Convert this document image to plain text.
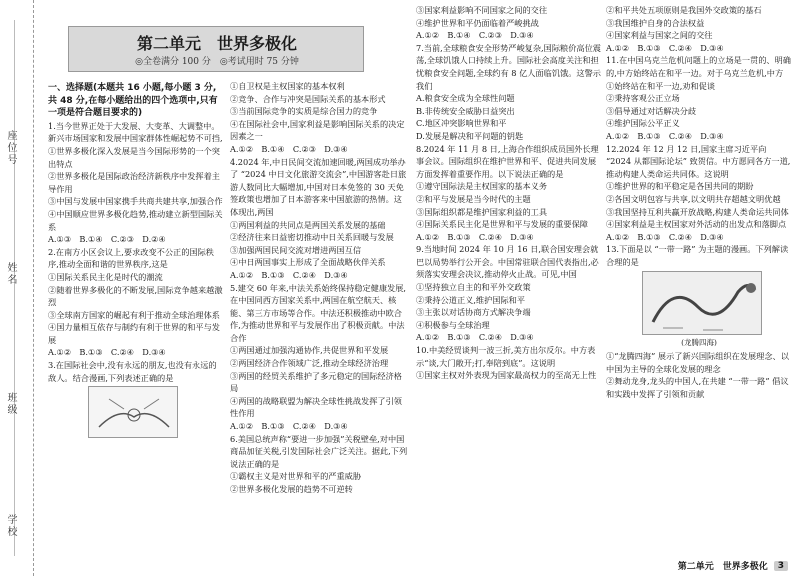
座位号
姓名
班级
学校
第二单元　世界多极化
◎全卷满分 100 分　◎考试用时 75 分钟

一、选择题(本题共 16 小题,每小题 3 分,共 48 分,在每小题给出的四个选项中,只有一项是符合题目要求的)

1.当今世界正处于大发展、大变革、大调整中。新兴市场国家和发展中国家群体性崛起势不可挡,

①世界多极化深入发展是当今国际形势的一个突出特点

②世界多极化是国际政治经济新秩序中发挥着主导作用

③中国与发展中国家携手共商共建共享,加强合作

④中国顺应世界多极化趋势,推动建立新型国际关系

A.①③　B.①④　C.②③　D.②④

2.在南方小区会议上,要求改变不公正的国际秩序,推动全面和谐的世界秩序,这是

①国际关系民主化是时代的潮流

②随着世界多极化的不断发展,国际竞争越来越激烈

③全球南方国家的崛起有利于推动全球治理体系

④国力量相互依存与制约有利于世界的和平与发展

A.①②　B.①③　C.②④　D.③④

3.在国际社会中,没有永远的朋友,也没有永远的敌人。结合漫画,下列表述正确的是

①自卫权是主权国家的基本权利

②竞争、合作与冲突是国际关系的基本形式

③当前国际竞争的实质是综合国力的竞争

④在国际社会中,国家利益是影响国际关系的决定因素之一

A.①②　B.①④　C.②③　D.③④

4.2024 年,中日民间交流加速回暖,两国成功举办了 “2024 中日文化旅游交流会”,中国游客赴日旅游人数同比大幅增加,中国对日本免签的 30 天免签政策也增加了日本游客来中国旅游的热情。这体现出,两国

①两国利益的共同点是两国关系发展的基础

②经济往来日益密切推动中日关系回暖与发展

③加强两国民间交流对增进两国互信

④中日两国事实上形成了全面战略伙伴关系

A.①②　B.①③　C.②④　D.③④

5.建交 60 年来,中法关系始终保持稳定健康发展,在中国同西方国家关系中,两国在航空航天、核能、第三方市场等合作。中法还积极推动中欧合作,为推动世界和平与发展作出了积极贡献。中法合作

①两国通过加强沟通协作,共促世界和平发展

②两国经济合作领域广泛,推动全球经济治理

③两国的经贸关系维护了多元稳定的国际经济格局

④两国的战略联盟为解决全球性挑战发挥了引领性作用

A.①②　B.①③　C.②④　D.③④

6.美国总统声称“要进一步加强”关税壁垒,对中国商品加征关税,引发国际社会广泛关注。据此,下列说法正确的是

①霸权主义是对世界和平的严重威胁

②世界多极化发展的趋势不可逆转

③国家利益影响不同国家之间的交往

④维护世界和平仍面临着严峻挑战

A.①②　B.①④　C.②③　D.③④

7.当前,全球粮食安全形势严峻复杂,国际粮价高位震荡,全球饥饿人口持续上升。国际社会高度关注和担忧粮食安全问题,全球约有 8 亿人面临饥饿。这警示我们

A.粮食安全成为全球性问题

B.非传统安全威胁日益突出

C.地区冲突影响世界和平

D.发展是解决和平问题的钥匙

8.2024 年 11 月 8 日,上海合作组织成员国外长理事会议。国际组织在维护世界和平、促进共同发展方面发挥着重要作用。以下说法正确的是

①遵守国际法是主权国家的基本义务

②和平与发展是当今时代的主题

③国际组织都是维护国家利益的工具

④国际关系民主化是世界和平与发展的重要保障

A.①②　B.①③　C.②④　D.③④

9.当地时间 2024 年 10 月 16 日,联合国安理会就巴以局势举行公开会。中国常驻联合国代表指出,必须落实安理会决议,推动停火止战。可见,中国

①坚持独立自主的和平外交政策

②秉持公道正义,维护国际和平

③主张以对话协商方式解决争端

④积极参与全球治理

A.①②　B.①③　C.②④　D.③④

10.中美经贸谈判一波三折,美方出尔反尔。中方表示“谈,大门敞开;打,奉陪到底”。这说明

①国家主权对外表现为国家最高权力的至高无上性

②和平共处五项原则是我国外交政策的基石

③我国维护自身的合法权益

④国家利益与国家之间的交往

A.①②　B.①③　C.②④　D.③④

11.在中国乌克兰危机问题上的立场是一贯的、明确的,中方始终站在和平一边。对于乌克兰危机,中方

①始终站在和平一边,劝和促谈

②秉持客观公正立场

③倡导通过对话解决分歧

④维护国际公平正义

A.①②　B.①③　C.②④　D.③④

12.2024 年 12 月 12 日,国家主席习近平向 “2024 从都国际论坛” 致贺信。中方愿同各方一道,推动构建人类命运共同体。这说明

①维护世界的和平稳定是各国共同的期盼

②各国文明包容与共享,以文明共存超越文明优越

③我国坚持互利共赢开放战略,构建人类命运共同体

④国家利益是主权国家对外活动的出发点和落脚点

A.①②　B.①③　C.②④　D.③④

13.下面是以 “一带一路” 为主题的漫画。下列解读合理的是

(龙腾四海)

①“龙腾四海” 展示了新兴国际组织在发展理念、以中国为主导的全球化发展的理念

②舞动龙身,龙头的中国人,在共建 “一带一路” 倡议和实践中发挥了引领和贡献

第二单元　世界多极化	3
